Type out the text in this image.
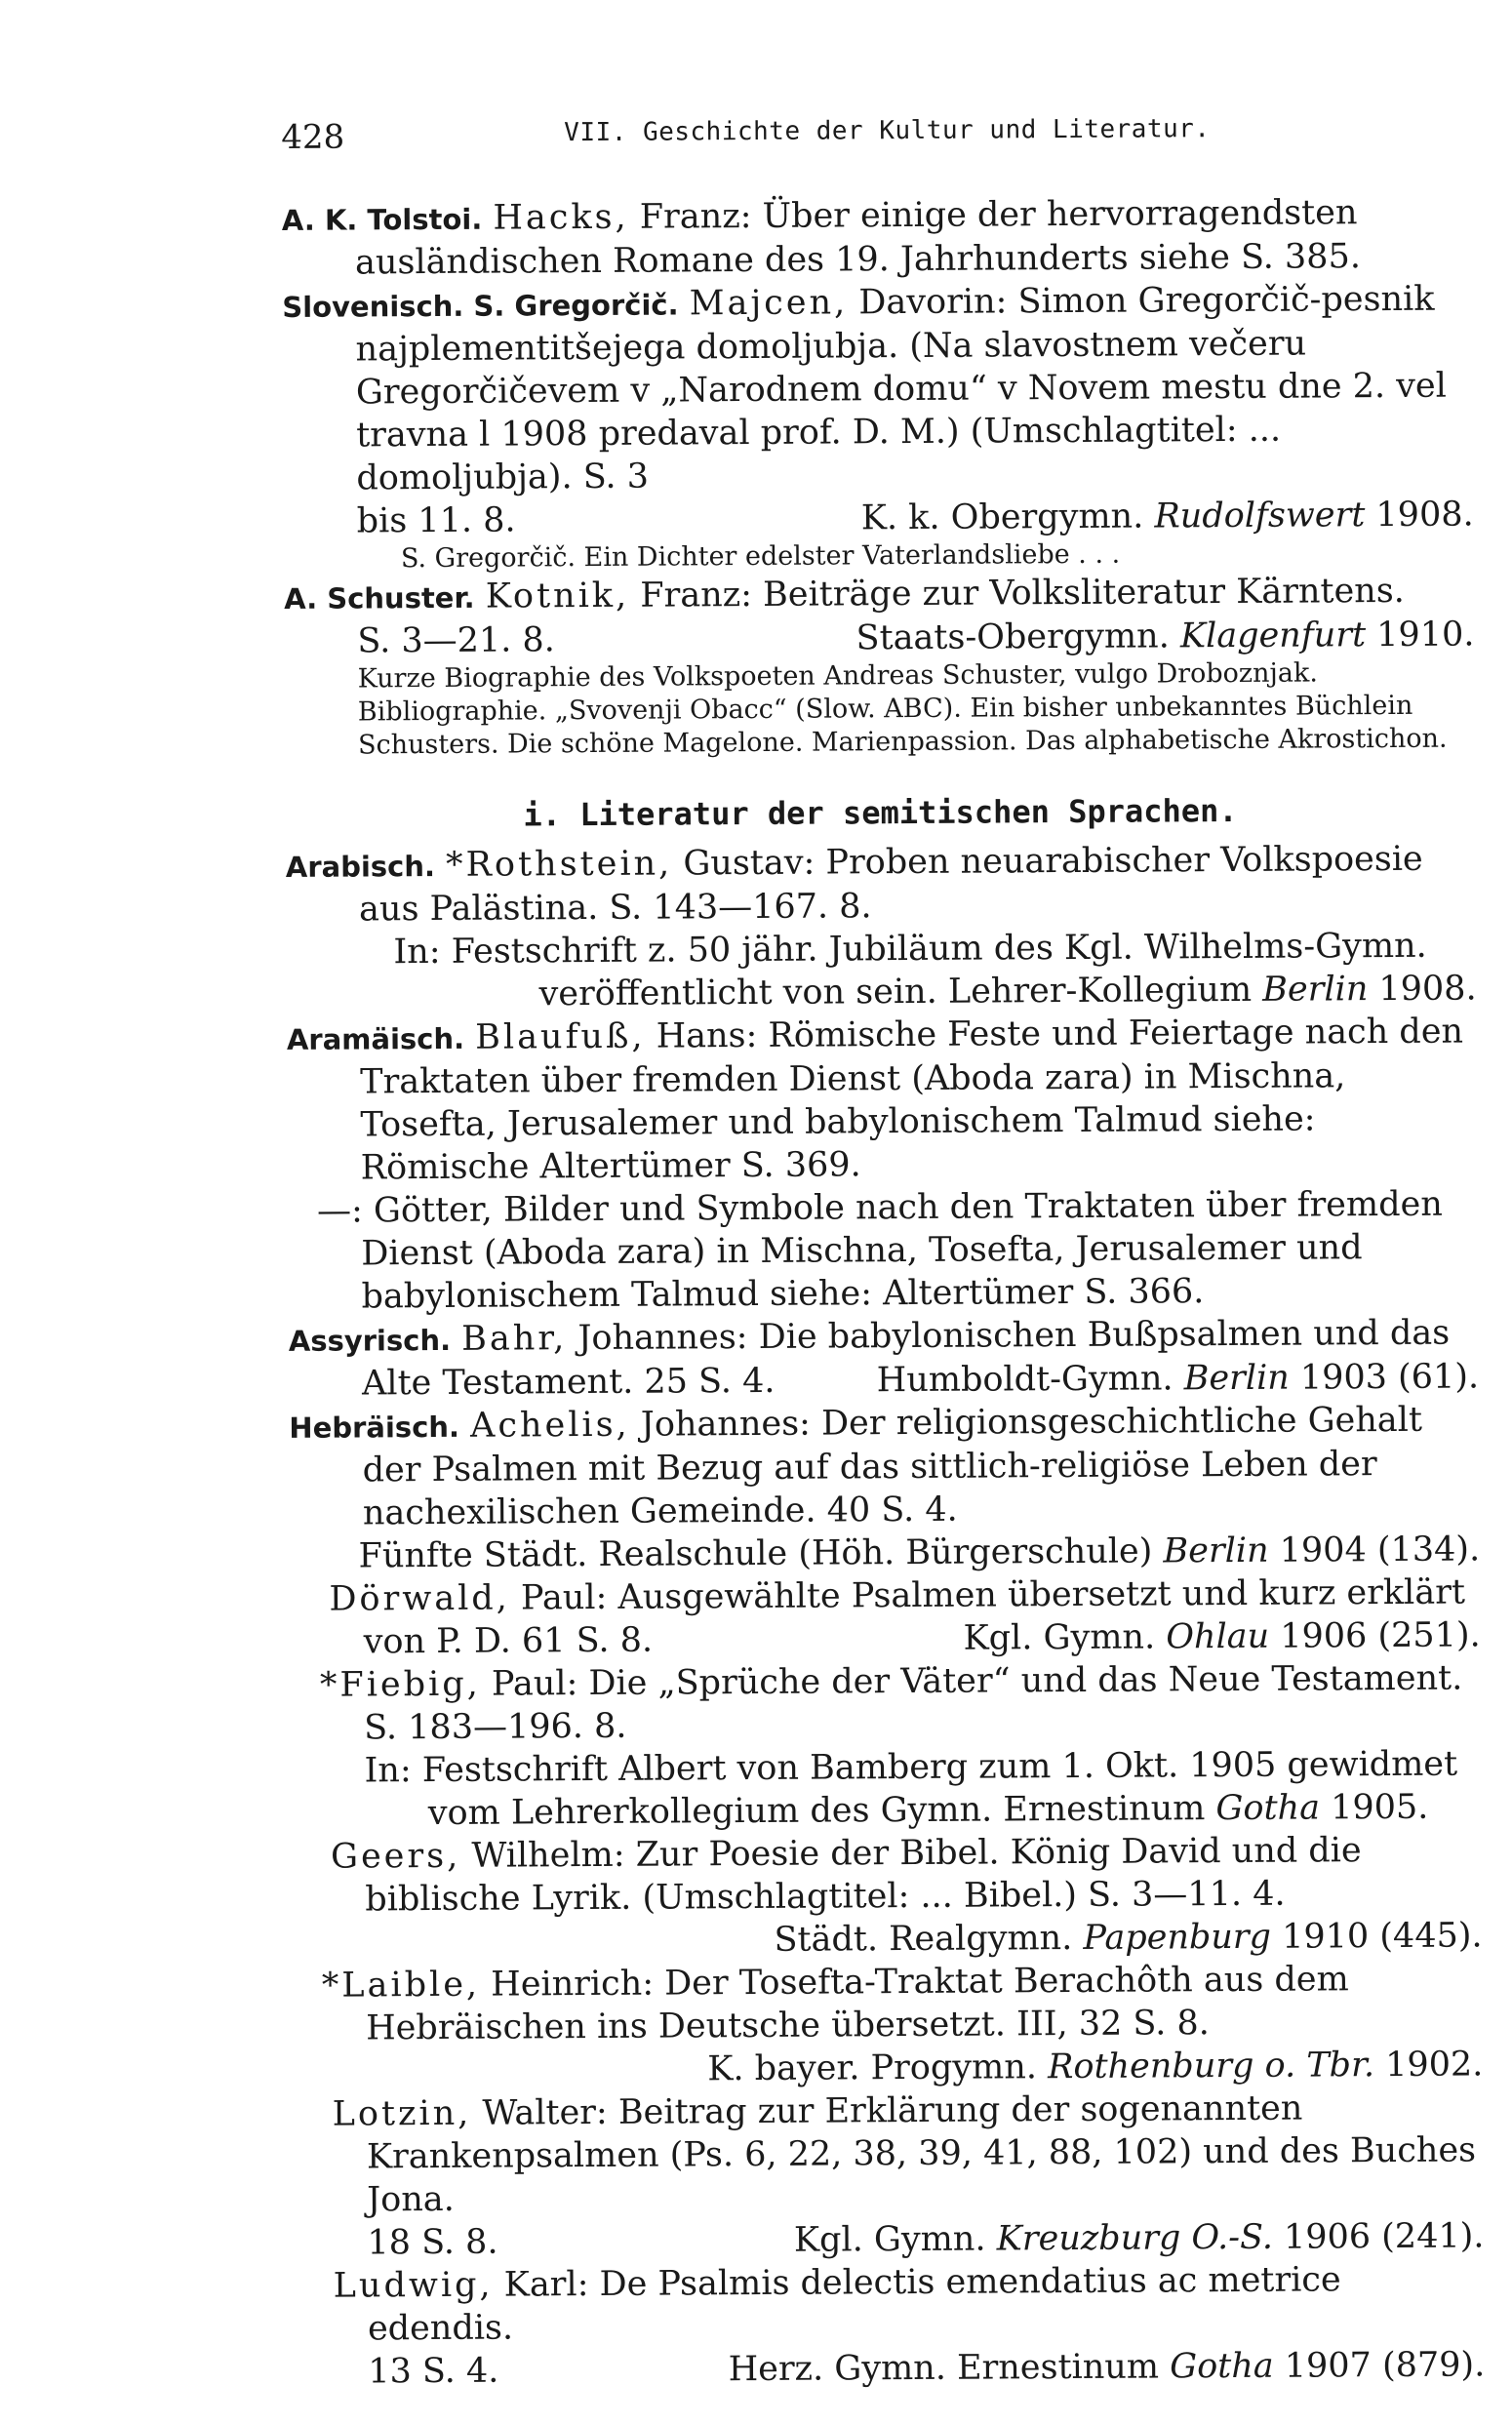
428	VII. Geschichte der Kultur und Literatur.

A. K. Tolstoi. Hacks, Franz: Über einige der hervorragendsten ausländischen Romane des 19. Jahrhunderts siehe S. 385.

Slovenisch. S. Gregorčič. Majcen, Davorin: Simon Gregorčič-pesnik najplementitšejega domoljubja. (Na slavostnem večeru Gregorčičevem v „Narodnem domu“ v Novem mestu dne 2. vel travna l 1908 predaval prof. D. M.) (Umschlagtitel: ... domoljubja). S. 3

bis 11. 8.	K. k. Obergymn. Rudolfswert 1908.
S. Gregorčič. Ein Dichter edelster Vaterlandsliebe . . .

A. Schuster. Kotnik, Franz: Beiträge zur Volksliteratur Kärntens.

S. 3—21. 8.	Staats-Obergymn. Klagenfurt 1910.
Kurze Biographie des Volkspoeten Andreas Schuster, vulgo Droboznjak. Bibliographie. „Svovenji Obacc“ (Slow. ABC). Ein bisher unbekanntes Büchlein Schusters. Die schöne Magelone. Marienpassion. Das alphabetische Akrostichon.
i. Literatur der semitischen Sprachen.

Arabisch. *Rothstein, Gustav: Proben neuarabischer Volkspoesie aus Palästina. S. 143—167. 8.

In: Festschrift z. 50 jähr. Jubiläum des Kgl. Wilhelms-Gymn.
veröffentlicht von sein. Lehrer-Kollegium Berlin 1908.

Aramäisch. Blaufuß, Hans: Römische Feste und Feiertage nach den Traktaten über fremden Dienst (Aboda zara) in Mischna, Tosefta, Jerusalemer und babylonischem Talmud siehe: Römische Altertümer S. 369.

—: Götter, Bilder und Symbole nach den Traktaten über fremden Dienst (Aboda zara) in Mischna, Tosefta, Jerusalemer und babylonischem Talmud siehe: Altertümer S. 366.

Assyrisch. Bahr, Johannes: Die babylonischen Bußpsalmen und das

Alte Testament. 25 S. 4.	Humboldt-Gymn. Berlin 1903 (61).

Hebräisch. Achelis, Johannes: Der religionsgeschichtliche Gehalt der Psalmen mit Bezug auf das sittlich-religiöse Leben der nachexilischen Gemeinde. 40 S. 4.

Fünfte Städt. Realschule (Höh. Bürgerschule) Berlin 1904 (134).

Dörwald, Paul: Ausgewählte Psalmen übersetzt und kurz erklärt

von P. D. 61 S. 8.	Kgl. Gymn. Ohlau 1906 (251).

*Fiebig, Paul: Die „Sprüche der Väter“ und das Neue Testament. S. 183—196. 8.

In: Festschrift Albert von Bamberg zum 1. Okt. 1905 gewidmet vom Lehrerkollegium des Gymn. Ernestinum Gotha 1905.

Geers, Wilhelm: Zur Poesie der Bibel. König David und die biblische Lyrik. (Umschlagtitel: ... Bibel.) S. 3—11. 4.

Städt. Realgymn. Papenburg 1910 (445).

*Laible, Heinrich: Der Tosefta-Traktat Berachôth aus dem Hebräischen ins Deutsche übersetzt. III, 32 S. 8.

K. bayer. Progymn. Rothenburg o. Tbr. 1902.

Lotzin, Walter: Beitrag zur Erklärung der sogenannten Krankenpsalmen (Ps. 6, 22, 38, 39, 41, 88, 102) und des Buches Jona.

18 S. 8.	Kgl. Gymn. Kreuzburg O.-S. 1906 (241).

Ludwig, Karl: De Psalmis delectis emendatius ac metrice edendis.

13 S. 4.	Herz. Gymn. Ernestinum Gotha 1907 (879).
